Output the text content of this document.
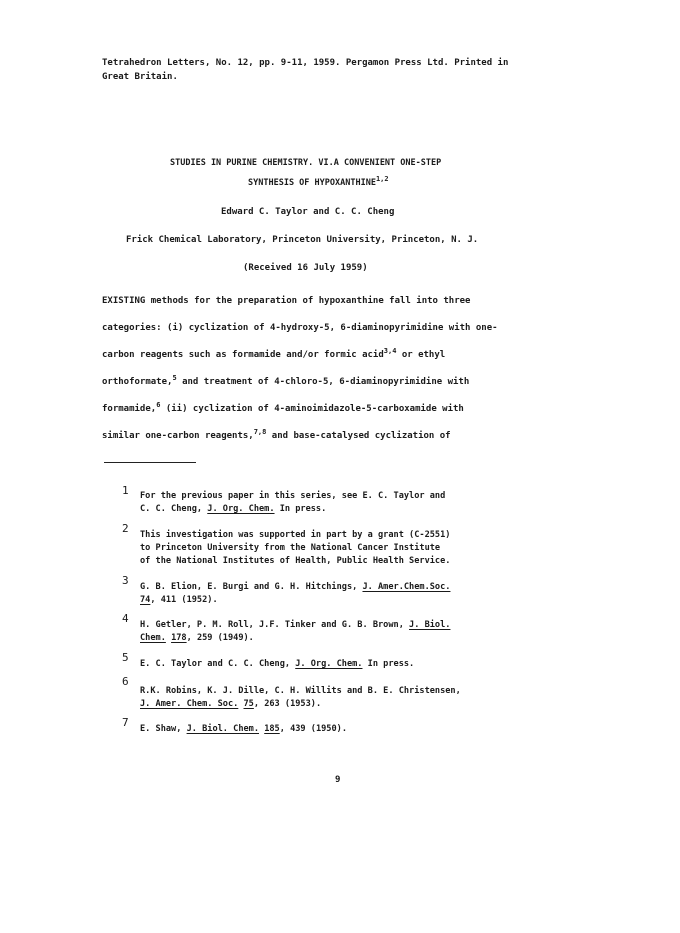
Tetrahedron Letters, No. 12, pp. 9-11, 1959. Pergamon Press Ltd. Printed in
Great Britain.
STUDIES IN PURINE CHEMISTRY. VI.A CONVENIENT ONE-STEP
SYNTHESIS OF HYPOXANTHINE$^{1,2}$
Edward C. Taylor and C. C. Cheng
Frick Chemical Laboratory, Princeton University, Princeton, N. J.
(Received 16 July 1959)
EXISTING methods for the preparation of hypoxanthine fall into three
categories: (i) cyclization of 4-hydroxy-5, 6-diaminopyrimidine with one-
carbon reagents such as formamide and/or formic acid$^{3,4}$ or ethyl
orthoformate,$^5$ and treatment of 4-chloro-5, 6-diaminopyrimidine with
formamide,$^6$ (ii) cyclization of 4-aminoimidazole-5-carboxamide with
similar one-carbon reagents,$^{7,8}$ and base-catalysed cyclization of
1 For the previous paper in this series, see E. C. Taylor and
C. C. Cheng, J. Org. Chem. In press.
2 This investigation was supported in part by a grant (C-2551)
to Princeton University from the National Cancer Institute
of the National Institutes of Health, Public Health Service.
3 G. B. Elion, E. Burgi and G. H. Hitchings, J. Amer.Chem.Soc.
74, 411 (1952).
4 H. Getler, P. M. Roll, J.F. Tinker and G. B. Brown, J. Biol.
Chem. 178, 259 (1949).
5 E. C. Taylor and C. C. Cheng, J. Org. Chem. In press.
6
R.K. Robins, K. J. Dille, C. H. Willits and B. E. Christensen,
J. Amer. Chem. Soc. 75, 263 (1953).
7 E. Shaw, J. Biol. Chem. 185, 439 (1950).
9
